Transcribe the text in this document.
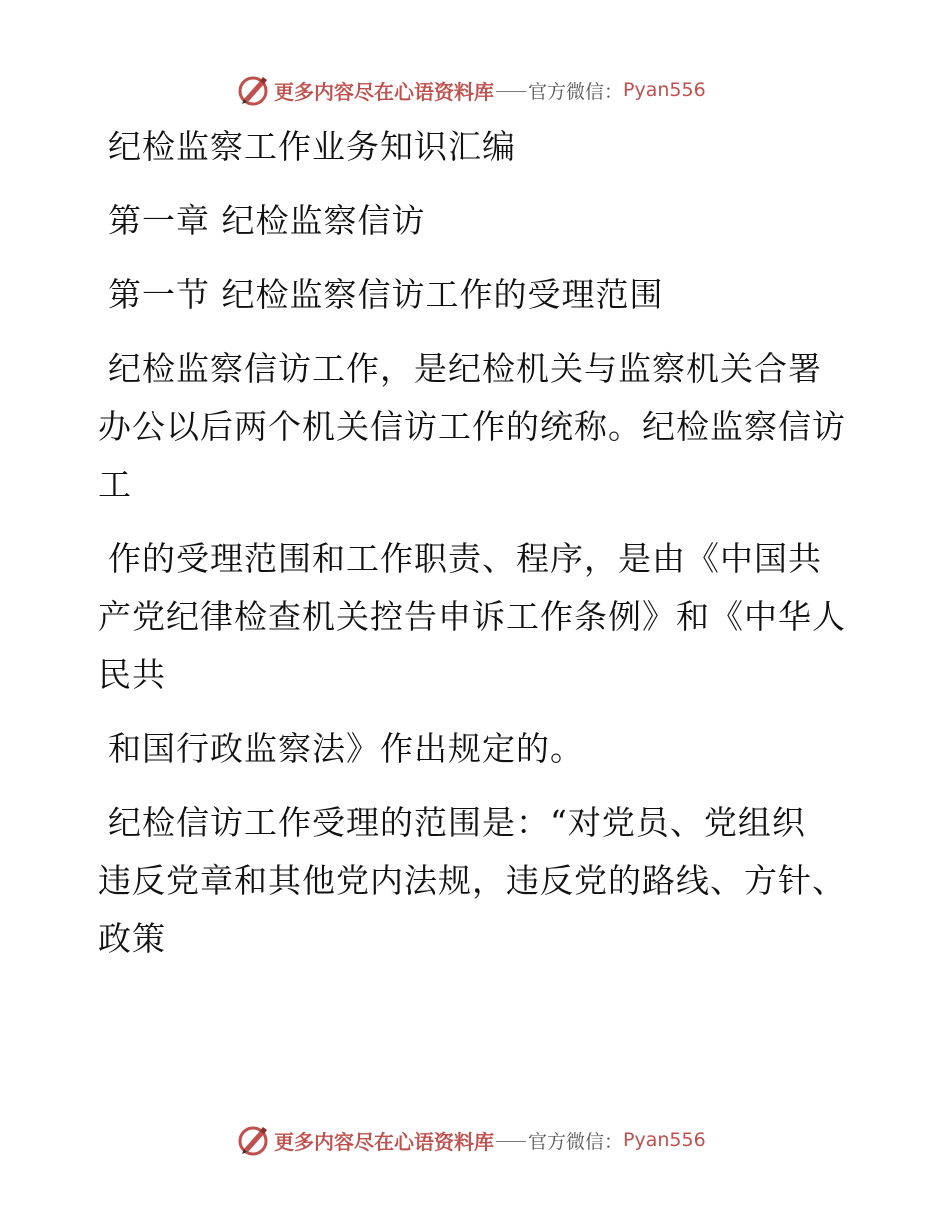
更多内容尽在心语资料库 官方微信： Pyan556
纪检监察工作业务知识汇编
第一章 纪检监察信访
第一节 纪检监察信访工作的受理范围
纪检监察信访工作，是纪检机关与监察机关合署
办公以后两个机关信访工作的统称。纪检监察信访
工
作的受理范围和工作职责、程序，是由《中国共
产党纪律检查机关控告申诉工作条例》和《中华人
民共
和国行政监察法》作出规定的。
纪检信访工作受理的范围是：“对党员、党组织
违反党章和其他党内法规，违反党的路线、方针、
政策
更多内容尽在心语资料库 官方微信： Pyan556
